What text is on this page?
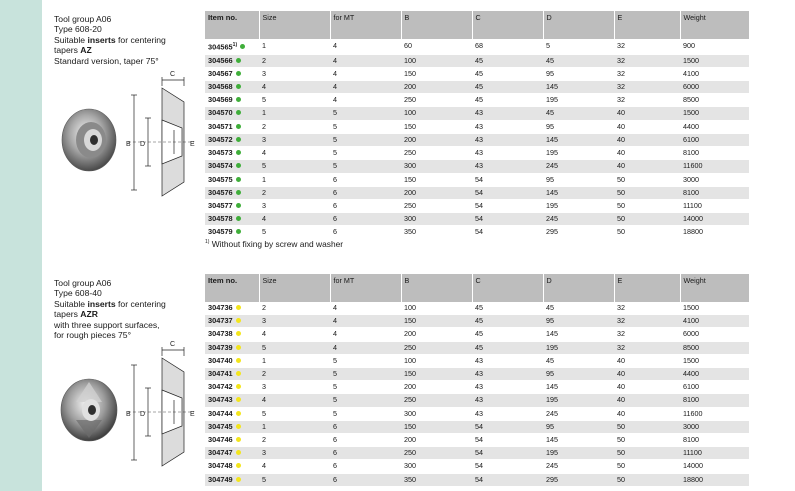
Tool group A06
Type 608-20
Suitable inserts for centering
tapers AZ
Standard version, taper 75°
C
B D	E
Item no.	Size	for MT	B	C	D	E	Weight
304565$^{1)}$	1	4	60	68	5	32	900
304566	2	4	100	45	45	32	1500
304567	3	4	150	45	95	32	4100
304568	4	4	200	45	145	32	6000
304569	5	4	250	45	195	32	8500
304570	1	5	100	43	45	40	1500
304571	2	5	150	43	95	40	4400
304572	3	5	200	43	145	40	6100
304573	4	5	250	43	195	40	8100
304574	5	5	300	43	245	40	11600
304575	1	6	150	54	95	50	3000
304576	2	6	200	54	145	50	8100
304577	3	6	250	54	195	50	11100
304578	4	6	300	54	245	50	14000
304579	5	6	350	54	295	50	18800
$^{1)}$ Without fixing by screw and washer
Tool group A06
Type 608-40
Suitable inserts for centering
tapers AZR
with three support surfaces,
for rough pieces 75°
C
B D	E
Item no.	Size	for MT	B	C	D	E	Weight
304736	2	4	100	45	45	32	1500
304737	3	4	150	45	95	32	4100
304738	4	4	200	45	145	32	6000
304739	5	4	250	45	195	32	8500
304740	1	5	100	43	45	40	1500
304741	2	5	150	43	95	40	4400
304742	3	5	200	43	145	40	6100
304743	4	5	250	43	195	40	8100
304744	5	5	300	43	245	40	11600
304745	1	6	150	54	95	50	3000
304746	2	6	200	54	145	50	8100
304747	3	6	250	54	195	50	11100
304748	4	6	300	54	245	50	14000
304749	5	6	350	54	295	50	18800
